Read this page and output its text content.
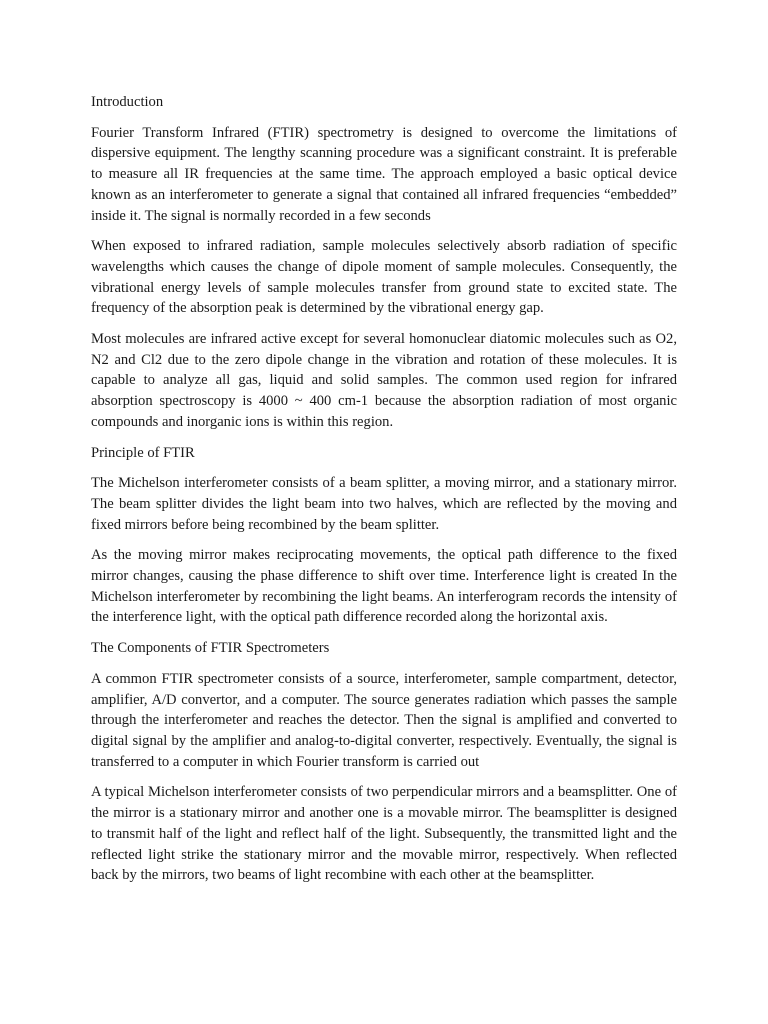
Introduction

Fourier Transform Infrared (FTIR) spectrometry is designed to overcome the limitations of dispersive equipment. The lengthy scanning procedure was a significant constraint. It is preferable to measure all IR frequencies at the same time. The approach employed a basic optical device known as an interferometer to generate a signal that contained all infrared frequencies “embedded” inside it. The signal is normally recorded in a few seconds

When exposed to infrared radiation, sample molecules selectively absorb radiation of specific wavelengths which causes the change of dipole moment of sample molecules. Consequently, the vibrational energy levels of sample molecules transfer from ground state to excited state. The frequency of the absorption peak is determined by the vibrational energy gap.

Most molecules are infrared active except for several homonuclear diatomic molecules such as O2, N2 and Cl2 due to the zero dipole change in the vibration and rotation of these molecules. It is capable to analyze all gas, liquid and solid samples. The common used region for infrared absorption spectroscopy is 4000 ~ 400 cm-1 because the absorption radiation of most organic compounds and inorganic ions is within this region.

Principle of FTIR

The Michelson interferometer consists of a beam splitter, a moving mirror, and a stationary mirror. The beam splitter divides the light beam into two halves, which are reflected by the moving and fixed mirrors before being recombined by the beam splitter.

As the moving mirror makes reciprocating movements, the optical path difference to the fixed mirror changes, causing the phase difference to shift over time. Interference light is created In the Michelson interferometer by recombining the light beams. An interferogram records the intensity of the interference light, with the optical path difference recorded along the horizontal axis.

The Components of FTIR Spectrometers

A common FTIR spectrometer consists of a source, interferometer, sample compartment, detector, amplifier, A/D convertor, and a computer. The source generates radiation which passes the sample through the interferometer and reaches the detector. Then the signal is amplified and converted to digital signal by the amplifier and analog-to-digital converter, respectively. Eventually, the signal is transferred to a computer in which Fourier transform is carried out

A typical Michelson interferometer consists of two perpendicular mirrors and a beamsplitter. One of the mirror is a stationary mirror and another one is a movable mirror. The beamsplitter is designed to transmit half of the light and reflect half of the light. Subsequently, the transmitted light and the reflected light strike the stationary mirror and the movable mirror, respectively. When reflected back by the mirrors, two beams of light recombine with each other at the beamsplitter.
